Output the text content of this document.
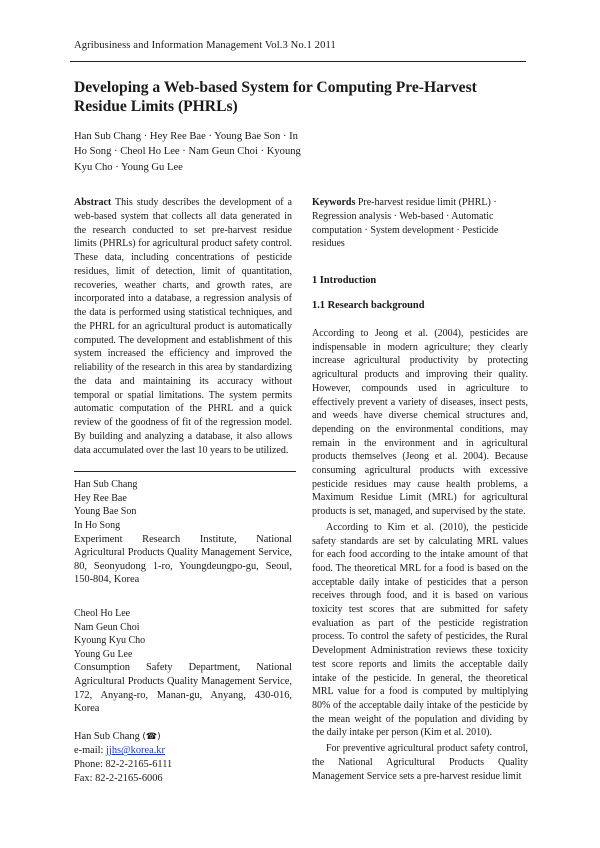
Agribusiness and Information Management Vol.3 No.1 2011
Developing a Web-based System for Computing Pre-Harvest Residue Limits (PHRLs)
Han Sub Chang · Hey Ree Bae · Young Bae Son · In Ho Song · Cheol Ho Lee · Nam Geun Choi · Kyoung Kyu Cho · Young Gu Lee

Abstract This study describes the development of a web-based system that collects all data generated in the research conducted to set pre-harvest residue limits (PHRLs) for agricultural product safety control. These data, including concentrations of pesticide residues, limit of detection, limit of quantitation, recoveries, weather charts, and growth rates, are incorporated into a database, a regression analysis of the data is performed using statistical techniques, and the PHRL for an agricultural product is automatically computed. The development and establishment of this system increased the efficiency and improved the reliability of the research in this area by standardizing the data and maintaining its accuracy without temporal or spatial limitations. The system permits automatic computation of the PHRL and a quick review of the goodness of fit of the regression model. By building and analyzing a database, it also allows data accumulated over the last 10 years to be utilized.

Han Sub Chang
Hey Ree Bae
Young Bae Son
In Ho Song
Experiment Research Institute, National Agricultural Products Quality Management Service, 80, Seonyudong 1-ro, Youngdeungpo-gu, Seoul, 150-804, Korea
Cheol Ho Lee
Nam Geun Choi
Kyoung Kyu Cho
Young Gu Lee
Consumption Safety Department, National Agricultural Products Quality Management Service, 172, Anyang-ro, Manan-gu, Anyang, 430-016, Korea
Han Sub Chang (☎)
e-mail: jjhs@korea.kr
Phone: 82-2-2165-6111
Fax: 82-2-2165-6006

Keywords Pre-harvest residue limit (PHRL) · Regression analysis · Web-based · Automatic computation · System development · Pesticide residues

1 Introduction

1.1 Research background

According to Jeong et al. (2004), pesticides are indispensable in modern agriculture; they clearly increase agricultural productivity by protecting agricultural products and improving their quality. However, compounds used in agriculture to effectively prevent a variety of diseases, insect pests, and weeds have diverse chemical structures and, depending on the environmental conditions, may remain in the environment and in agricultural products themselves (Jeong et al. 2004). Because consuming agricultural products with excessive pesticide residues may cause health problems, a Maximum Residue Limit (MRL) for agricultural products is set, managed, and supervised by the state.

According to Kim et al. (2010), the pesticide safety standards are set by calculating MRL values for each food according to the intake amount of that food. The theoretical MRL for a food is based on the acceptable daily intake of pesticides that a person receives through food, and it is based on various toxicity test scores that are submitted for safety evaluation as part of the pesticide registration process. To control the safety of pesticides, the Rural Development Administration reviews these toxicity test score reports and limits the acceptable daily intake of the pesticide. In general, the theoretical MRL value for a food is computed by multiplying 80% of the acceptable daily intake of the pesticide by the mean weight of the population and dividing by the daily intake per person (Kim et al. 2010).

For preventive agricultural product safety control, the National Agricultural Products Quality Management Service sets a pre-harvest residue limit
